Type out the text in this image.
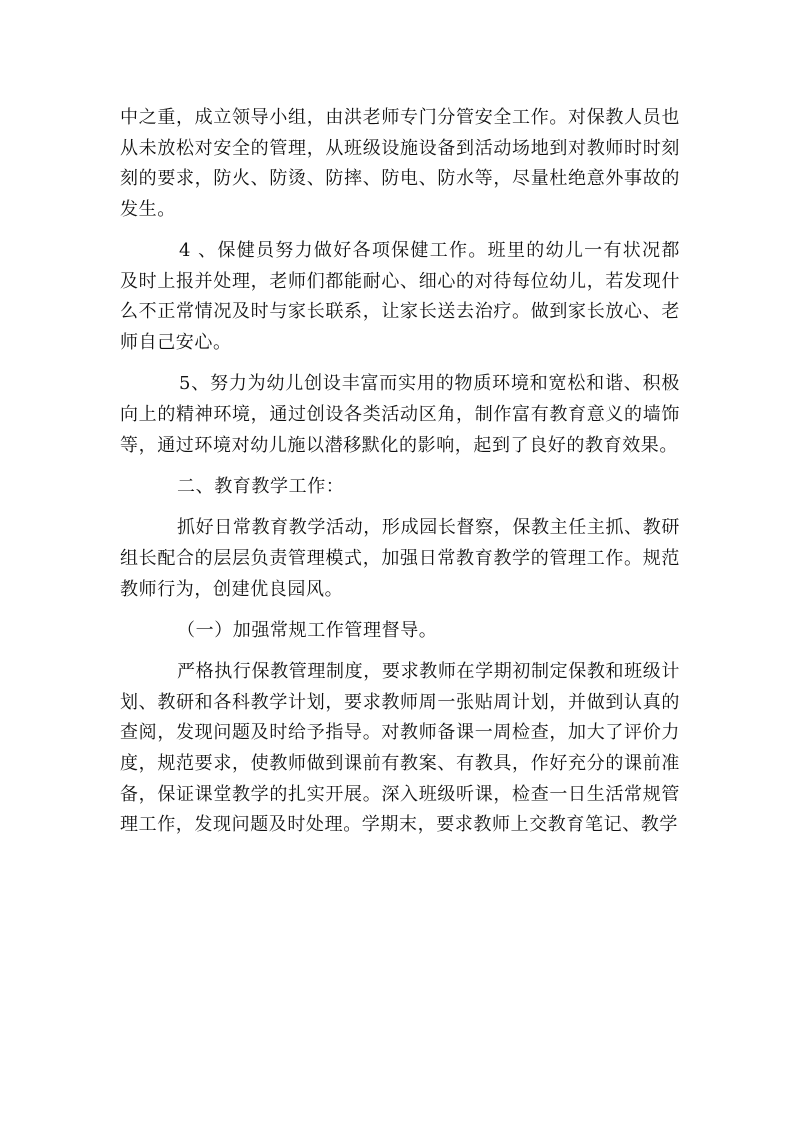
中之重，成立领导小组，由洪老师专门分管安全工作。对保教人员也从未放松对安全的管理，从班级设施设备到活动场地到对教师时时刻刻的要求，防火、防烫、防摔、防电、防水等，尽量杜绝意外事故的发生。

4 、保健员努力做好各项保健工作。班里的幼儿一有状况都及时上报并处理，老师们都能耐心、细心的对待每位幼儿，若发现什么不正常情况及时与家长联系，让家长送去治疗。做到家长放心、老师自己安心。

5、努力为幼儿创设丰富而实用的物质环境和宽松和谐、积极向上的精神环境，通过创设各类活动区角，制作富有教育意义的墙饰等，通过环境对幼儿施以潜移默化的影响，起到了良好的教育效果。

二、教育教学工作：

抓好日常教育教学活动，形成园长督察，保教主任主抓、教研组长配合的层层负责管理模式，加强日常教育教学的管理工作。规范教师行为，创建优良园风。

（一）加强常规工作管理督导。

严格执行保教管理制度，要求教师在学期初制定保教和班级计划、教研和各科教学计划，要求教师周一张贴周计划，并做到认真的查阅，发现问题及时给予指导。对教师备课一周检查，加大了评价力度，规范要求，使教师做到课前有教案、有教具，作好充分的课前准备，保证课堂教学的扎实开展。深入班级听课，检查一日生活常规管理工作，发现问题及时处理。学期末，要求教师上交教育笔记、教学
